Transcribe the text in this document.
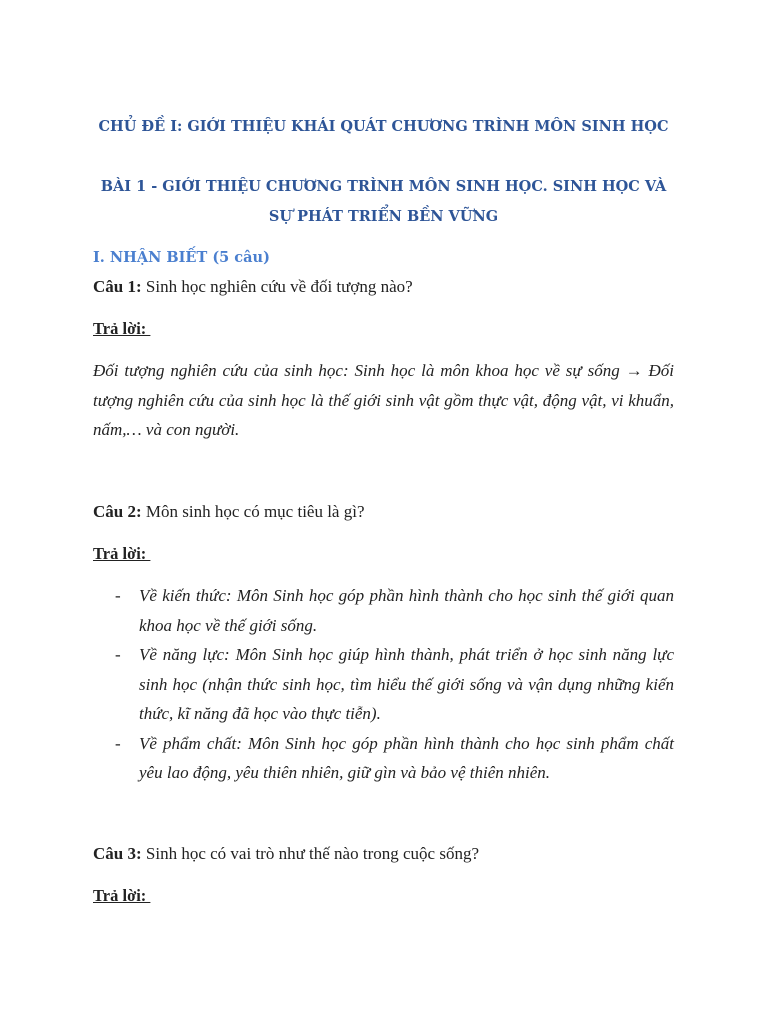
CHỦ ĐỀ I: GIỚI THIỆU KHÁI QUÁT CHƯƠNG TRÌNH MÔN SINH HỌC

BÀI 1 - GIỚI THIỆU CHƯƠNG TRÌNH MÔN SINH HỌC. SINH HỌC VÀ SỰ PHÁT TRIỂN BỀN VỮNG

I. NHẬN BIẾT (5 câu)

Câu 1: Sinh học nghiên cứu về đối tượng nào?

Trả lời:

Đối tượng nghiên cứu của sinh học: Sinh học là môn khoa học về sự sống → Đối tượng nghiên cứu của sinh học là thế giới sinh vật gồm thực vật, động vật, vi khuẩn, nấm,… và con người.

Câu 2: Môn sinh học có mục tiêu là gì?

Trả lời:

- Về kiến thức: Môn Sinh học góp phần hình thành cho học sinh thế giới quan khoa học về thế giới sống.
- Về năng lực: Môn Sinh học giúp hình thành, phát triển ở học sinh năng lực sinh học (nhận thức sinh học, tìm hiểu thế giới sống và vận dụng những kiến thức, kĩ năng đã học vào thực tiễn).
- Về phẩm chất: Môn Sinh học góp phần hình thành cho học sinh phẩm chất yêu lao động, yêu thiên nhiên, giữ gìn và bảo vệ thiên nhiên.

Câu 3: Sinh học có vai trò như thế nào trong cuộc sống?

Trả lời:
